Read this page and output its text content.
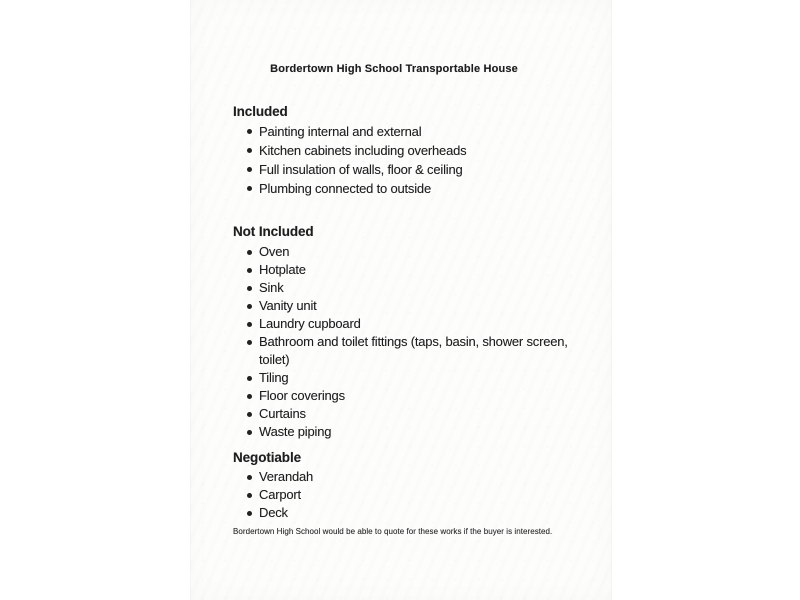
Bordertown High School Transportable House
Included
Painting internal and external
Kitchen cabinets including overheads
Full insulation of walls, floor & ceiling
Plumbing connected to outside
Not Included
Oven
Hotplate
Sink
Vanity unit
Laundry cupboard
Bathroom and toilet fittings (taps, basin, shower screen, toilet)
Tiling
Floor coverings
Curtains
Waste piping
Negotiable
Verandah
Carport
Deck
Bordertown High School would be able to quote for these works if the buyer is interested.
